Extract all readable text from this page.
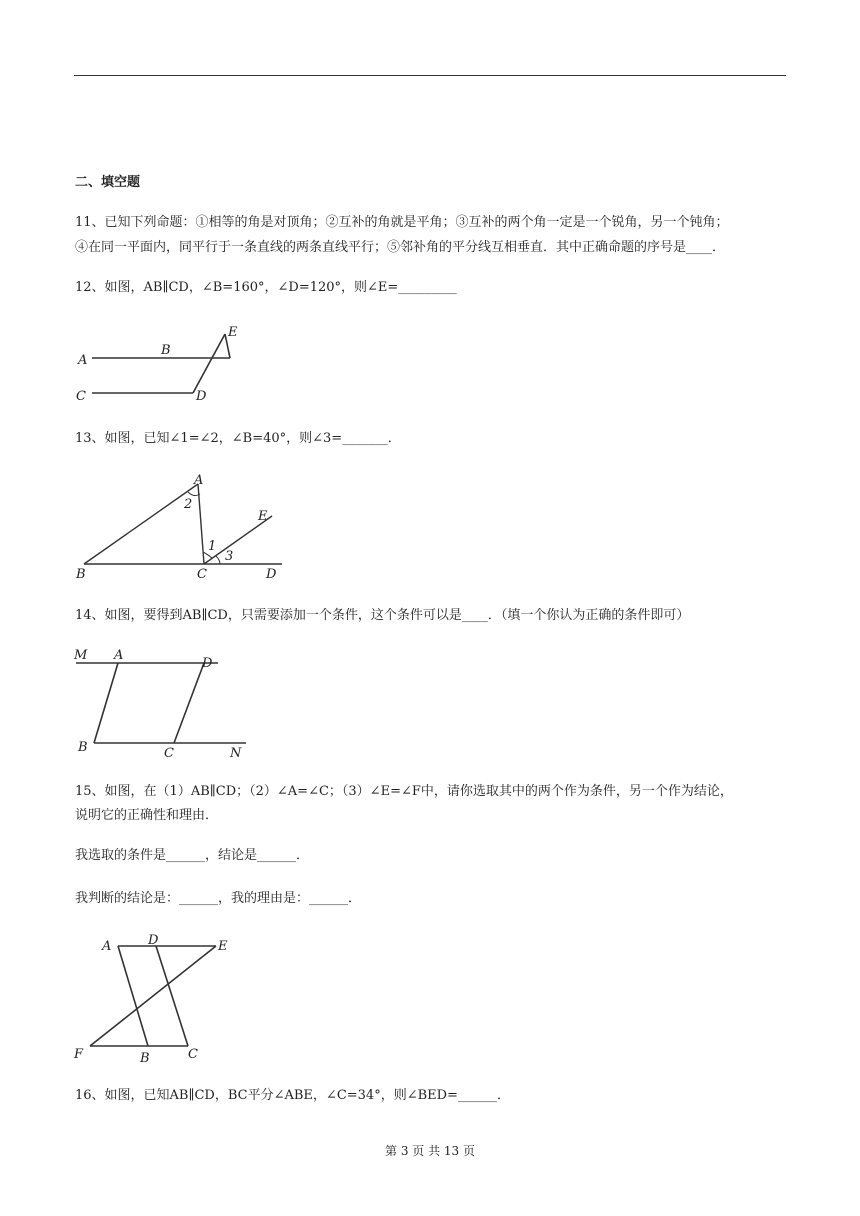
二、填空题
11、已知下列命题：①相等的角是对顶角；②互补的角就是平角；③互补的两个角一定是一个锐角，另一个钝角；
④在同一平面内，同平行于一条直线的两条直线平行；⑤邻补角的平分线互相垂直．其中正确命题的序号是____．
12、如图，AB∥CD，∠B=160°，∠D=120°，则∠E=_________
A
B
E
C	D
13、如图，已知∠1=∠2，∠B=40°，则∠3=_______．
A
2
1
3
E
B	C	D
14、如图，要得到AB∥CD，只需要添加一个条件，这个条件可以是____．（填一个你认为正确的条件即可）
M A
D
B	C	N
15、如图，在（1）AB∥CD；（2）∠A=∠C；（3）∠E=∠F中，请你选取其中的两个作为条件，另一个作为结论，
说明它的正确性和理由．
我选取的条件是______，结论是______．
我判断的结论是：______，我的理由是：______．
A	D	E
F	B	C
16、如图，已知AB∥CD，BC平分∠ABE，∠C=34°，则∠BED=______．
第 3 页 共 13 页
